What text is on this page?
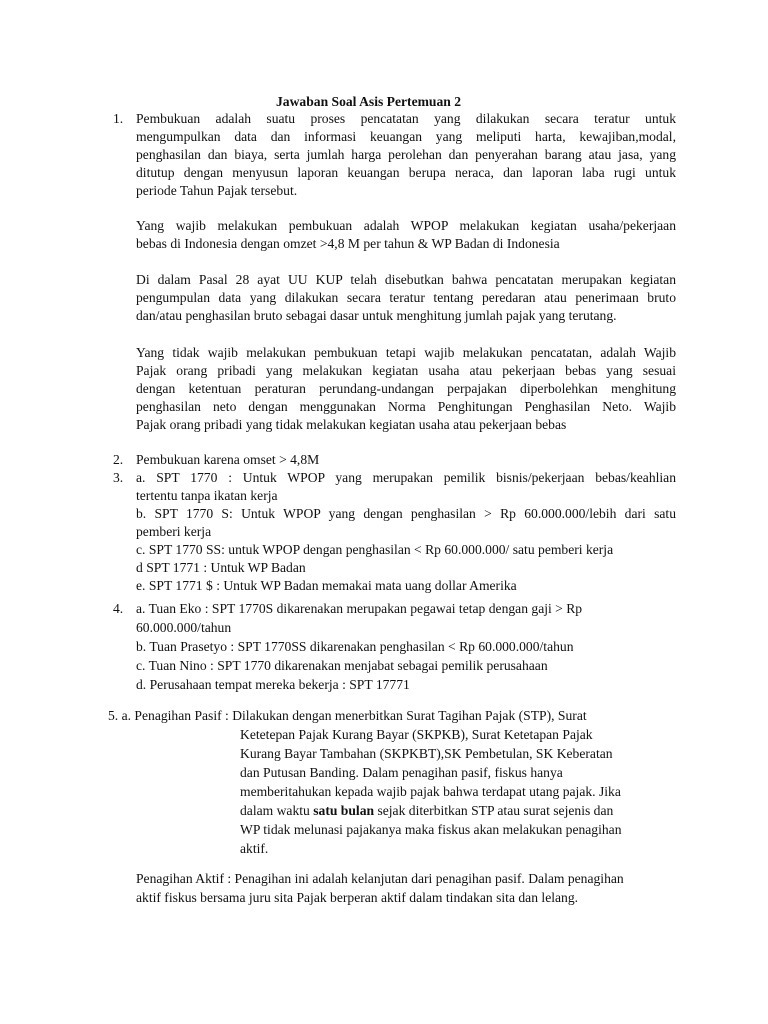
Jawaban Soal Asis Pertemuan 2
1. Pembukuan adalah suatu proses pencatatan yang dilakukan secara teratur untuk
mengumpulkan data dan informasi keuangan yang meliputi harta, kewajiban,modal,
penghasilan dan biaya, serta jumlah harga perolehan dan penyerahan barang atau jasa, yang
ditutup dengan menyusun laporan keuangan berupa neraca, dan laporan laba rugi untuk
periode Tahun Pajak tersebut.
Yang wajib melakukan pembukuan adalah WPOP melakukan kegiatan usaha/pekerjaan
bebas di Indonesia dengan omzet >4,8 M per tahun & WP Badan di Indonesia
Di dalam Pasal 28 ayat UU KUP telah disebutkan bahwa pencatatan merupakan kegiatan
pengumpulan data yang dilakukan secara teratur tentang peredaran atau penerimaan bruto
dan/atau penghasilan bruto sebagai dasar untuk menghitung jumlah pajak yang terutang.
Yang tidak wajib melakukan pembukuan tetapi wajib melakukan pencatatan, adalah Wajib
Pajak orang pribadi yang melakukan kegiatan usaha atau pekerjaan bebas yang sesuai
dengan ketentuan peraturan perundang-undangan perpajakan diperbolehkan menghitung
penghasilan neto dengan menggunakan Norma Penghitungan Penghasilan Neto. Wajib
Pajak orang pribadi yang tidak melakukan kegiatan usaha atau pekerjaan bebas
2. Pembukuan karena omset > 4,8M
3. a. SPT 1770 : Untuk WPOP yang merupakan pemilik bisnis/pekerjaan bebas/keahlian
tertentu tanpa ikatan kerja
b. SPT 1770 S: Untuk WPOP yang dengan penghasilan > Rp 60.000.000/lebih dari satu
pemberi kerja
c. SPT 1770 SS: untuk WPOP dengan penghasilan < Rp 60.000.000/ satu pemberi kerja
d SPT 1771 : Untuk WP Badan
e. SPT 1771 $ : Untuk WP Badan memakai mata uang dollar Amerika
4. a. Tuan Eko : SPT 1770S dikarenakan merupakan pegawai tetap dengan gaji > Rp
60.000.000/tahun
b. Tuan Prasetyo : SPT 1770SS dikarenakan penghasilan < Rp 60.000.000/tahun
c. Tuan Nino : SPT 1770 dikarenakan menjabat sebagai pemilik perusahaan
d. Perusahaan tempat mereka bekerja : SPT 17771
5. a. Penagihan Pasif : Dilakukan dengan menerbitkan Surat Tagihan Pajak (STP), Surat
Ketetepan Pajak Kurang Bayar (SKPKB), Surat Ketetapan Pajak
Kurang Bayar Tambahan (SKPKBT),SK Pembetulan, SK Keberatan
dan Putusan Banding. Dalam penagihan pasif, fiskus hanya
memberitahukan kepada wajib pajak bahwa terdapat utang pajak. Jika
dalam waktu satu bulan sejak diterbitkan STP atau surat sejenis dan
WP tidak melunasi pajakanya maka fiskus akan melakukan penagihan
aktif.
Penagihan Aktif : Penagihan ini adalah kelanjutan dari penagihan pasif. Dalam penagihan
aktif fiskus bersama juru sita Pajak berperan aktif dalam tindakan sita dan lelang.
